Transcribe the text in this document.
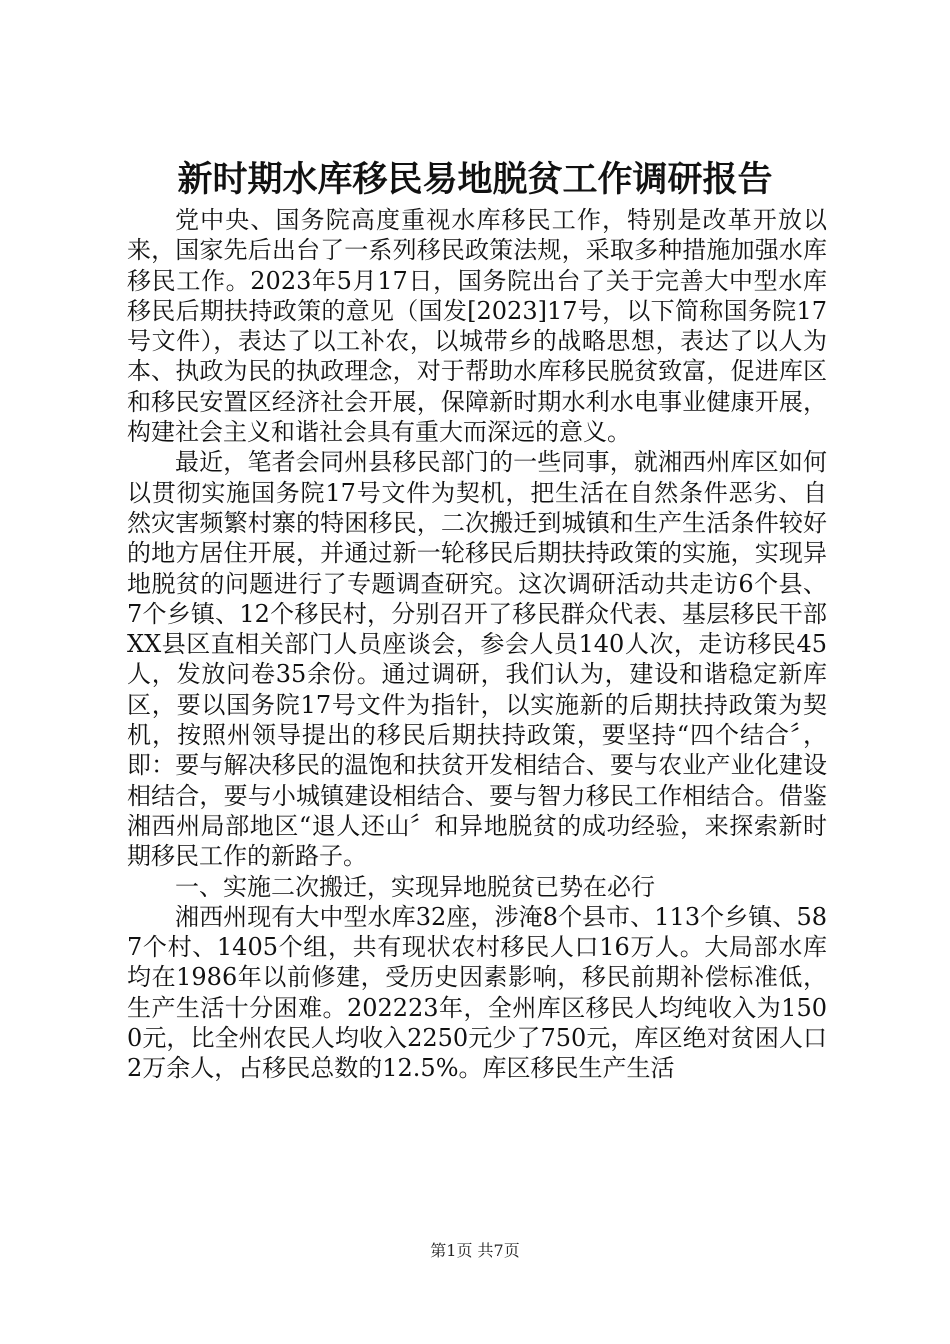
新时期水库移民易地脱贫工作调研报告

党中央、国务院高度重视水库移民工作，特别是改革开放以来，国家先后出台了一系列移民政策法规，采取多种措施加强水库移民工作。2023年5月17日，国务院出台了关于完善大中型水库移民后期扶持政策的意见（国发[2023]17号，以下简称国务院17号文件），表达了以工补农，以城带乡的战略思想，表达了以人为本、执政为民的执政理念，对于帮助水库移民脱贫致富，促进库区和移民安置区经济社会开展，保障新时期水利水电事业健康开展，构建社会主义和谐社会具有重大而深远的意义。

最近，笔者会同州县移民部门的一些同事，就湘西州库区如何以贯彻实施国务院17号文件为契机，把生活在自然条件恶劣、自然灾害频繁村寨的特困移民，二次搬迁到城镇和生产生活条件较好的地方居住开展，并通过新一轮移民后期扶持政策的实施，实现异地脱贫的问题进行了专题调查研究。这次调研活动共走访6个县、7个乡镇、12个移民村，分别召开了移民群众代表、基层移民干部XX县区直相关部门人员座谈会，参会人员140人次，走访移民45人，发放问卷35余份。通过调研，我们认为，建设和谐稳定新库区，要以国务院17号文件为指针，以实施新的后期扶持政策为契机，按照州领导提出的移民后期扶持政策，要坚持“四个结合〞，即：要与解决移民的温饱和扶贫开发相结合、要与农业产业化建设相结合，要与小城镇建设相结合、要与智力移民工作相结合。借鉴湘西州局部地区“退人还山〞和异地脱贫的成功经验，来探索新时期移民工作的新路子。

一、实施二次搬迁，实现异地脱贫已势在必行

湘西州现有大中型水库32座，涉淹8个县市、113个乡镇、587个村、1405个组，共有现状农村移民人口16万人。大局部水库均在1986年以前修建，受历史因素影响，移民前期补偿标准低，生产生活十分困难。202223年，全州库区移民人均纯收入为1500元，比全州农民人均收入2250元少了750元，库区绝对贫困人口2万余人，占移民总数的12.5%。库区移民生产生活

第1页 共7页
